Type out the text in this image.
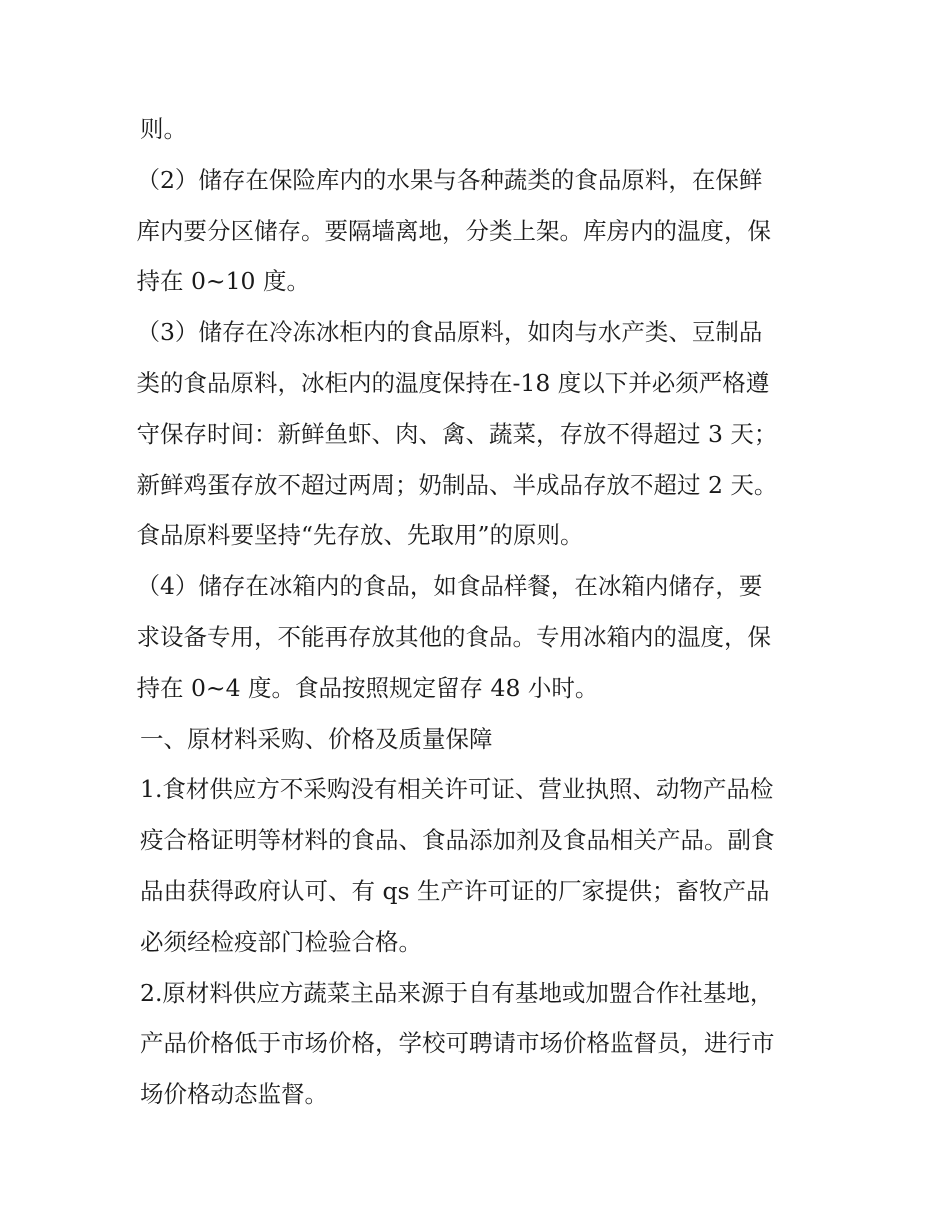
则。

（2）储存在保险库内的水果与各种蔬类的食品原料，在保鲜
库内要分区储存。要隔墙离地，分类上架。库房内的温度，保
持在 0~10 度。

（3）储存在冷冻冰柜内的食品原料，如肉与水产类、豆制品
类的食品原料，冰柜内的温度保持在-18 度以下并必须严格遵
守保存时间：新鲜鱼虾、肉、禽、蔬菜，存放不得超过 3 天；
新鲜鸡蛋存放不超过两周；奶制品、半成品存放不超过 2 天。
食品原料要坚持“先存放、先取用”的原则。

（4）储存在冰箱内的食品，如食品样餐，在冰箱内储存，要
求设备专用，不能再存放其他的食品。专用冰箱内的温度，保
持在 0~4 度。食品按照规定留存 48 小时。

一、原材料采购、价格及质量保障

1.食材供应方不采购没有相关许可证、营业执照、动物产品检
疫合格证明等材料的食品、食品添加剂及食品相关产品。副食
品由获得政府认可、有 qs 生产许可证的厂家提供；畜牧产品
必须经检疫部门检验合格。

2.原材料供应方蔬菜主品来源于自有基地或加盟合作社基地，
产品价格低于市场价格，学校可聘请市场价格监督员，进行市
场价格动态监督。
